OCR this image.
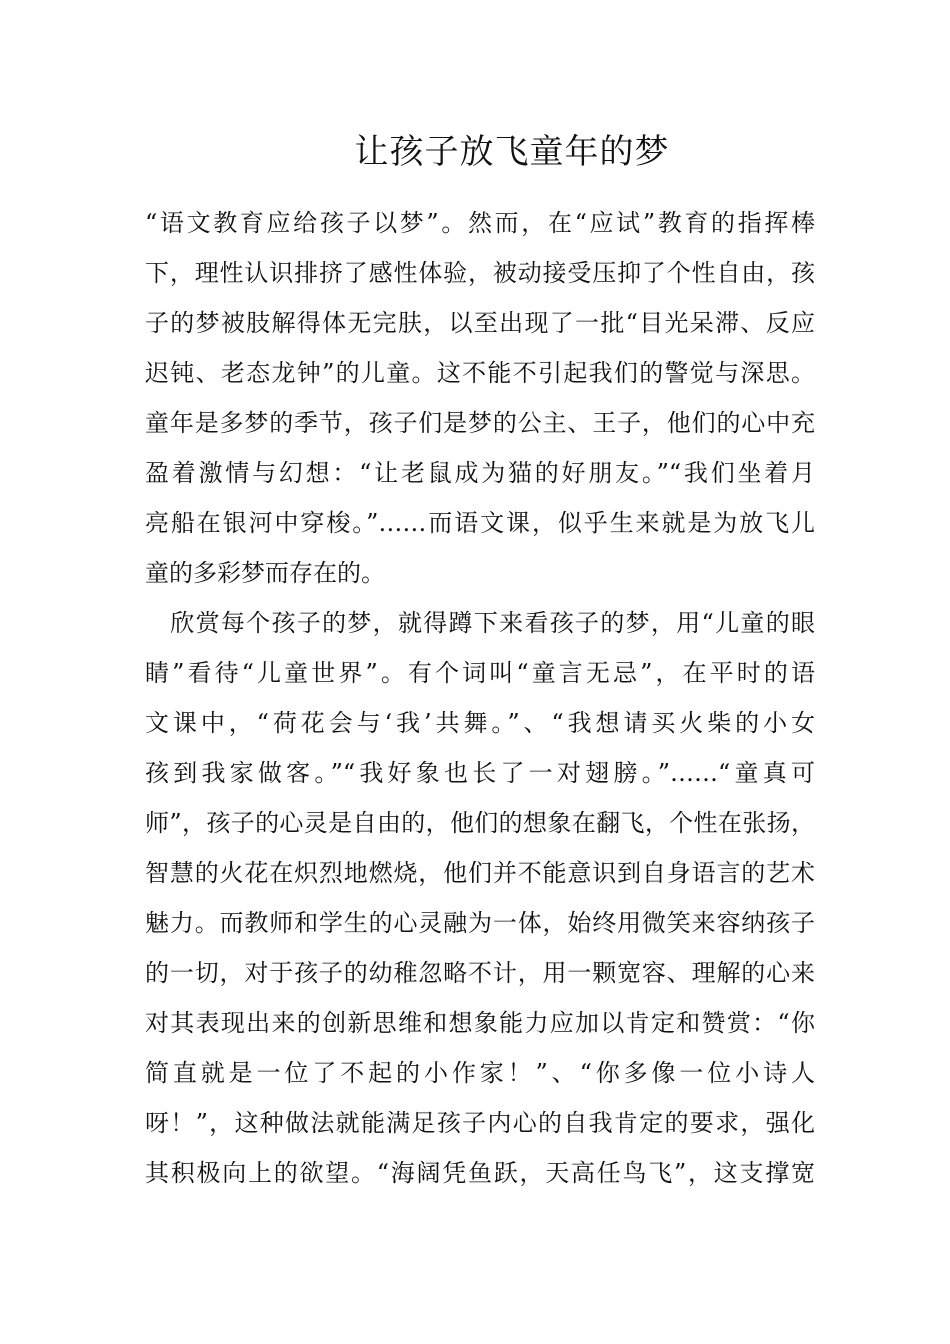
让孩子放飞童年的梦
“语文教育应给孩子以梦”。然而，在“应试”教育的指挥棒
下，理性认识排挤了感性体验，被动接受压抑了个性自由，孩
子的梦被肢解得体无完肤，以至出现了一批“目光呆滞、反应
迟钝、老态龙钟”的儿童。这不能不引起我们的警觉与深思。
童年是多梦的季节，孩子们是梦的公主、王子，他们的心中充
盈着激情与幻想：“让老鼠成为猫的好朋友。”“我们坐着月
亮船在银河中穿梭。”……而语文课，似乎生来就是为放飞儿
童的多彩梦而存在的。
　欣赏每个孩子的梦，就得蹲下来看孩子的梦，用“儿童的眼
睛”看待“儿童世界”。有个词叫“童言无忌”，在平时的语
文课中，“荷花会与‘我’共舞。”、“我想请买火柴的小女
孩到我家做客。”“我好象也长了一对翅膀。”……“童真可
师”，孩子的心灵是自由的，他们的想象在翻飞，个性在张扬，
智慧的火花在炽烈地燃烧，他们并不能意识到自身语言的艺术
魅力。而教师和学生的心灵融为一体，始终用微笑来容纳孩子
的一切，对于孩子的幼稚忽略不计，用一颗宽容、理解的心来
对其表现出来的创新思维和想象能力应加以肯定和赞赏：“你
简直就是一位了不起的小作家！”、“你多像一位小诗人
呀！”，这种做法就能满足孩子内心的自我肯定的要求，强化
其积极向上的欲望。“海阔凭鱼跃，天高任鸟飞”，这支撑宽
